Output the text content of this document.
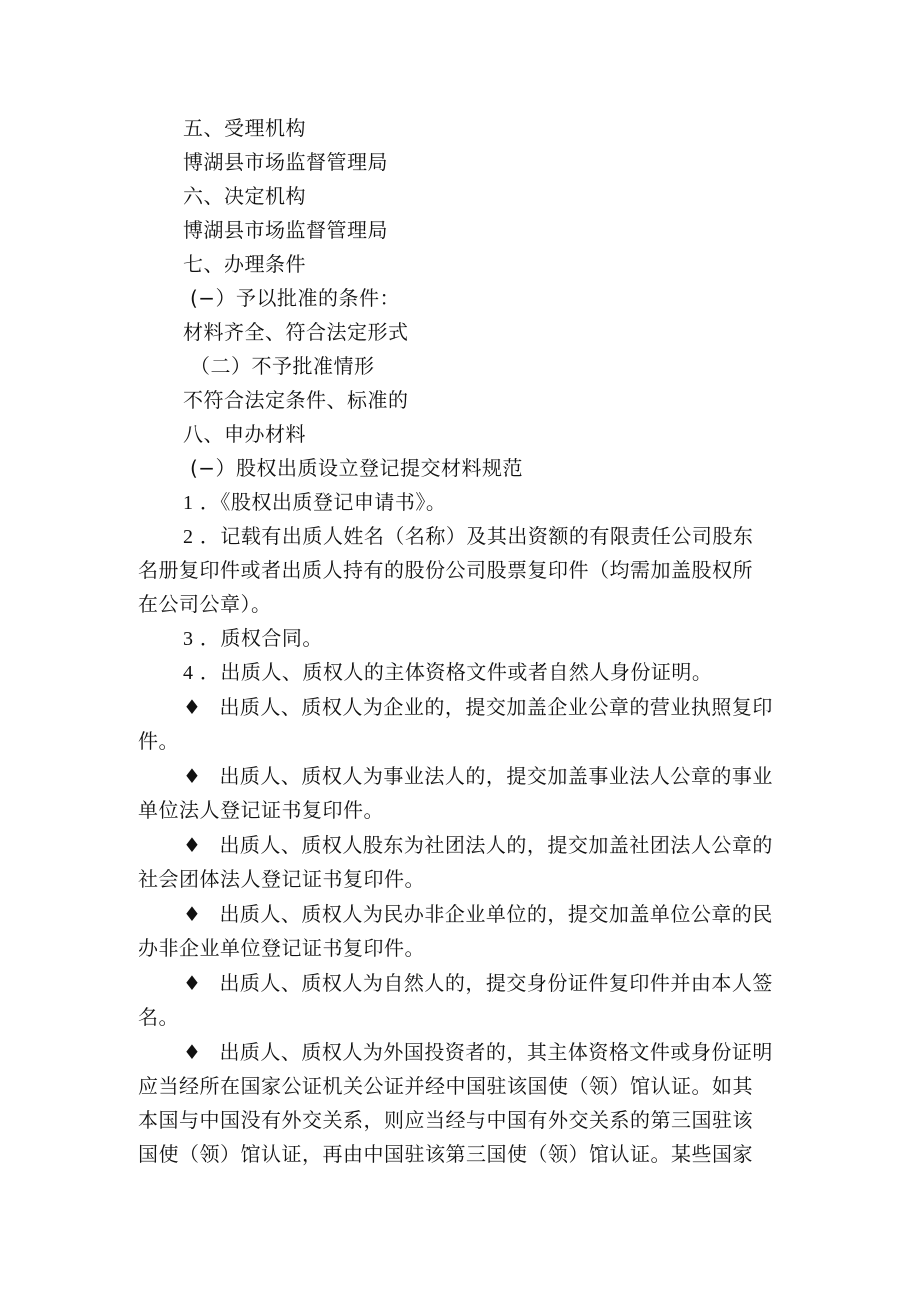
五、受理机构
博湖县市场监督管理局
六、决定机构
博湖县市场监督管理局
七、办理条件
(−）予以批准的条件：
材料齐全、符合法定形式
（二）不予批准情形
不符合法定条件、标准的
八、申办材料
(−）股权出质设立登记提交材料规范
1 ．《股权出质登记申请书》。
2 ．记载有出质人姓名（名称）及其出资额的有限责任公司股东
名册复印件或者出质人持有的股份公司股票复印件（均需加盖股权所
在公司公章）。
3 ．质权合同。
4 ．出质人、质权人的主体资格文件或者自然人身份证明。
♦ 出质人、质权人为企业的，提交加盖企业公章的营业执照复印
件。
♦ 出质人、质权人为事业法人的，提交加盖事业法人公章的事业
单位法人登记证书复印件。
♦ 出质人、质权人股东为社团法人的，提交加盖社团法人公章的
社会团体法人登记证书复印件。
♦ 出质人、质权人为民办非企业单位的，提交加盖单位公章的民
办非企业单位登记证书复印件。
♦ 出质人、质权人为自然人的，提交身份证件复印件并由本人签
名。
♦ 出质人、质权人为外国投资者的，其主体资格文件或身份证明
应当经所在国家公证机关公证并经中国驻该国使（领）馆认证。如其
本国与中国没有外交关系，则应当经与中国有外交关系的第三国驻该
国使（领）馆认证，再由中国驻该第三国使（领）馆认证。某些国家
